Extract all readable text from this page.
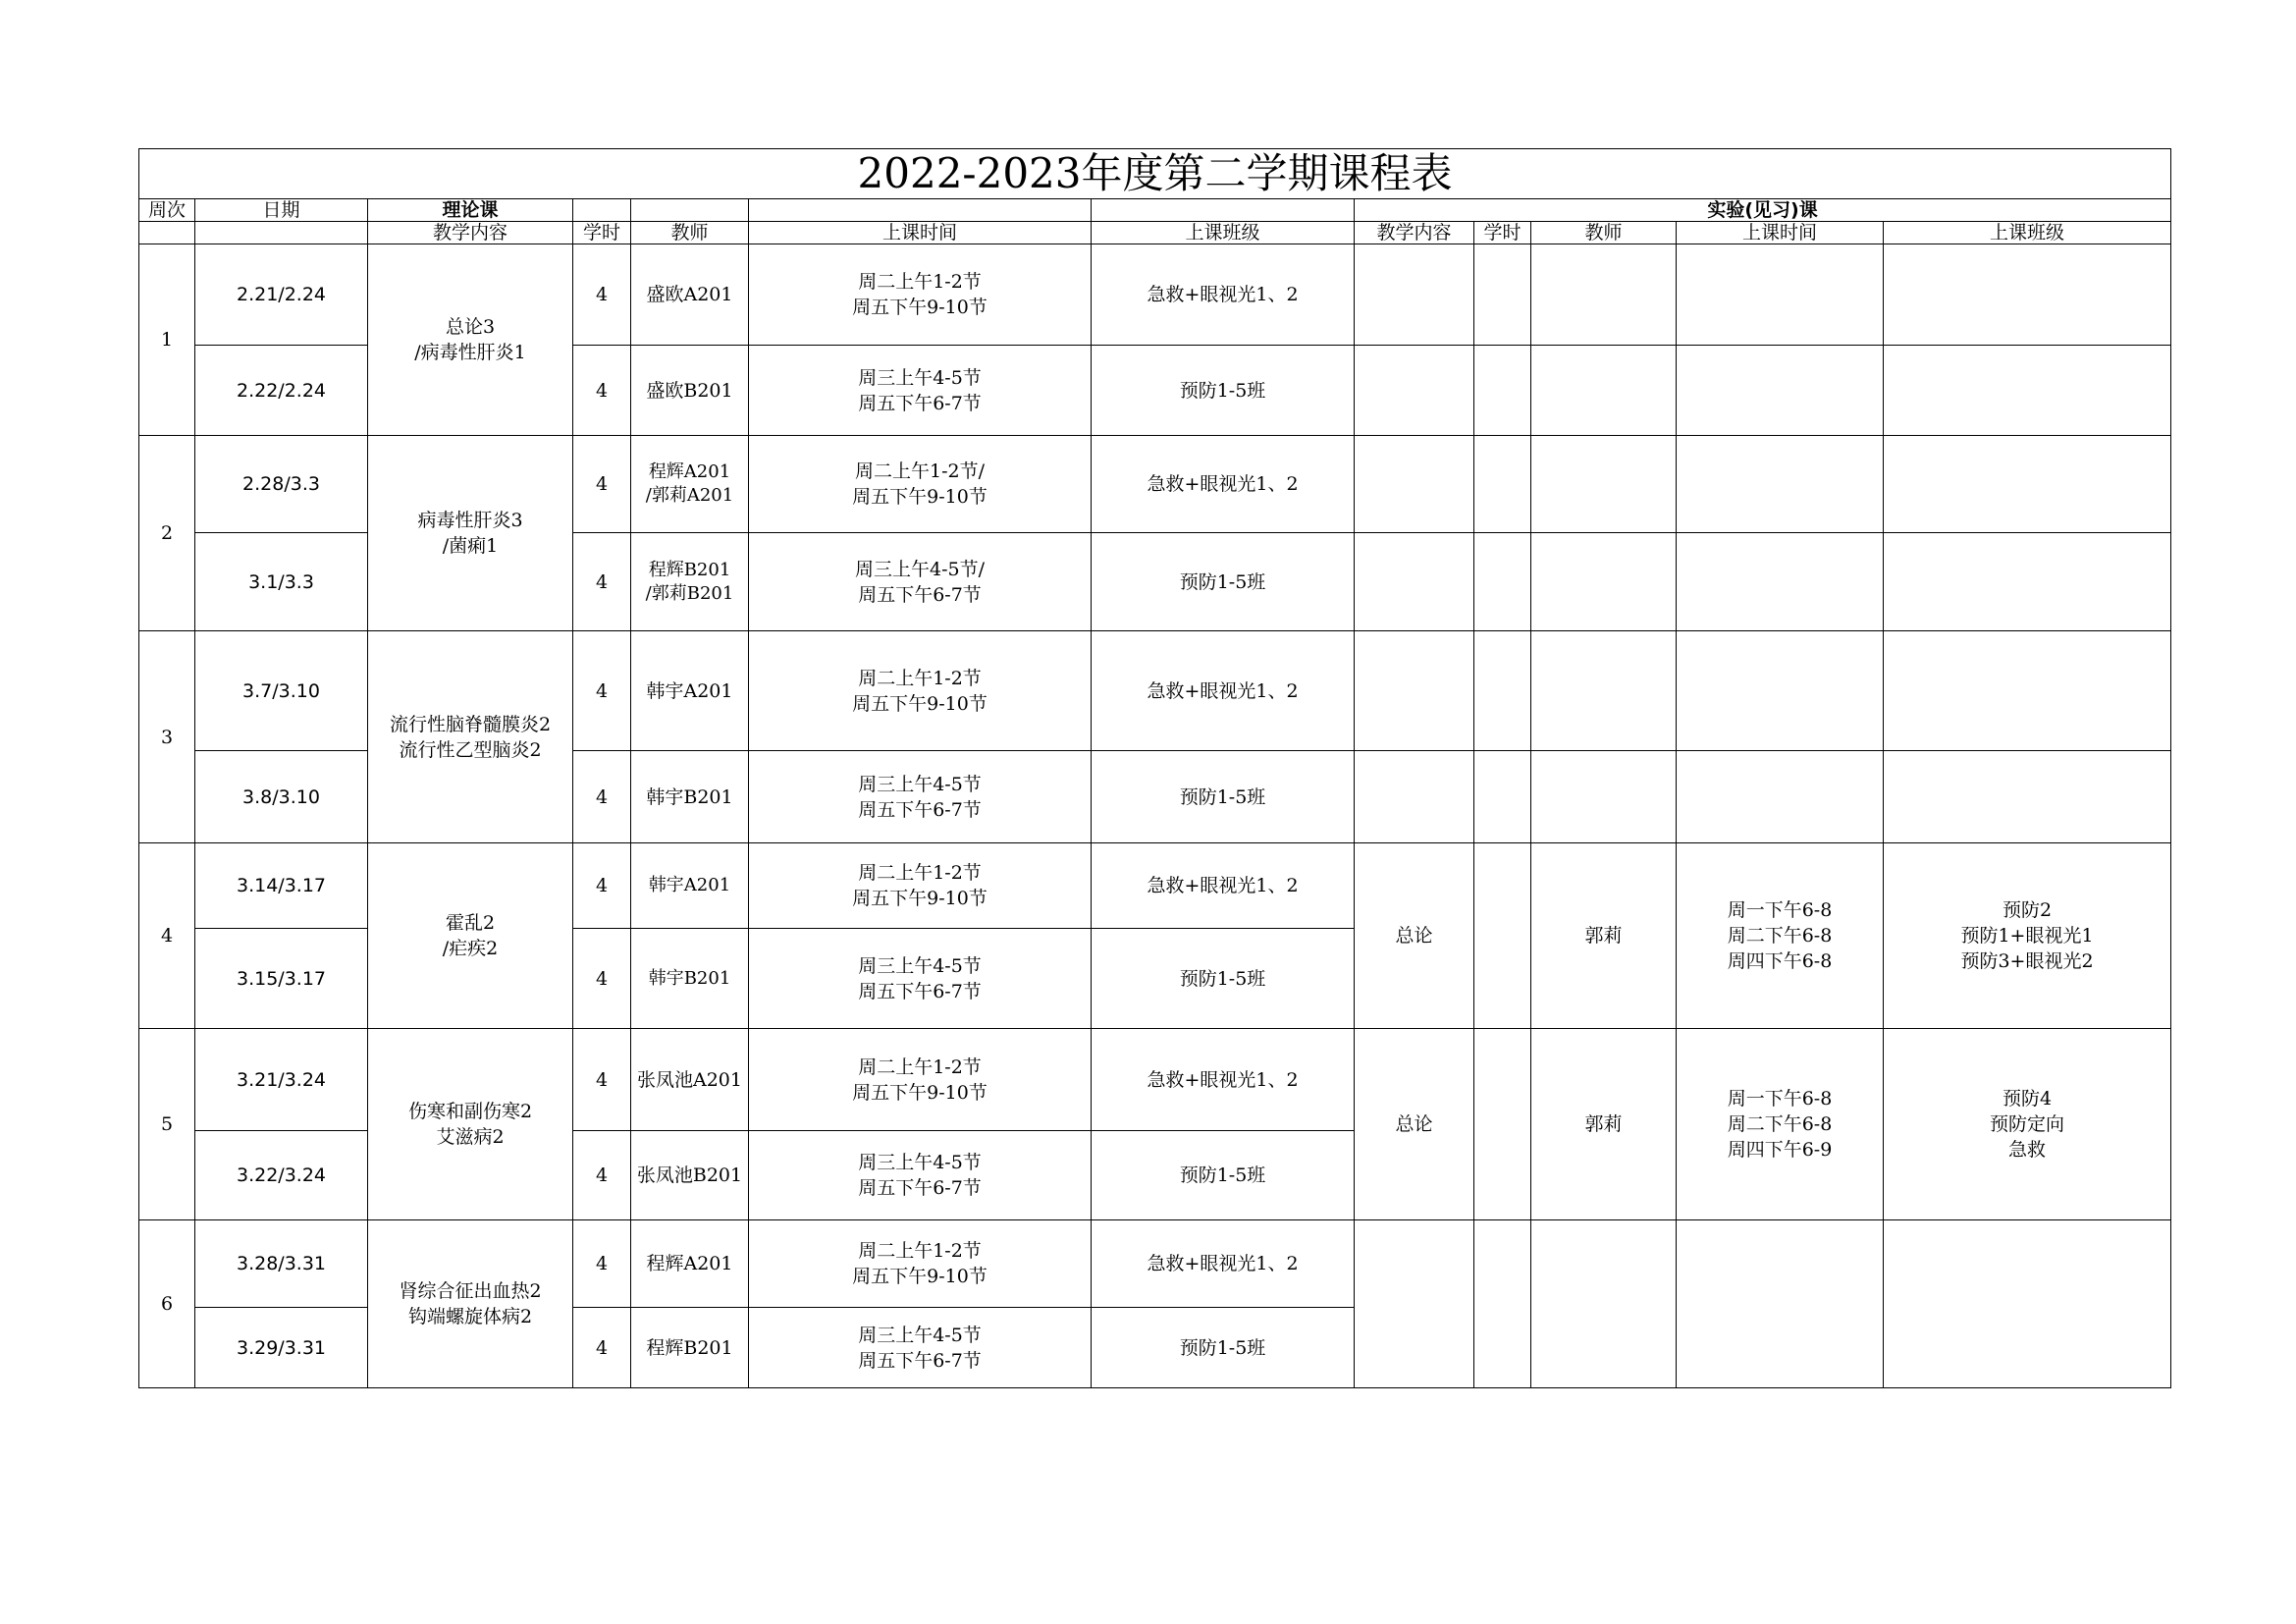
2022-2023年度第二学期课程表											
周次	日期	理论课					实验(见习)课				
		教学内容	学时	教师	上课时间	上课班级	教学内容	学时	教师	上课时间	上课班级
1	2.21/2.24	总论3
/病毒性肝炎1	4	盛欧A201	周二上午1-2节
周五下午9-10节	急救+眼视光1、2					
	2.22/2.24		4	盛欧B201	周三上午4-5节
周五下午6-7节	预防1-5班					
2	2.28/3.3	病毒性肝炎3
/菌痢1	4	程辉A201
/郭莉A201	周二上午1-2节/
周五下午9-10节	急救+眼视光1、2					
	3.1/3.3		4	程辉B201
/郭莉B201	周三上午4-5节/
周五下午6-7节	预防1-5班					
3	3.7/3.10	流行性脑脊髓膜炎2
流行性乙型脑炎2	4	韩宇A201	周二上午1-2节
周五下午9-10节	急救+眼视光1、2					
	3.8/3.10		4	韩宇B201	周三上午4-5节
周五下午6-7节	预防1-5班					
4	3.14/3.17	霍乱2
/疟疾2	4	韩宇A201	周二上午1-2节
周五下午9-10节	急救+眼视光1、2	总论		郭莉	周一下午6-8
周二下午6-8
周四下午6-8	预防2
预防1+眼视光1
预防3+眼视光2
	3.15/3.17		4	韩宇B201	周三上午4-5节
周五下午6-7节	预防1-5班					
5	3.21/3.24	伤寒和副伤寒2
艾滋病2	4	张凤池A201	周二上午1-2节
周五下午9-10节	急救+眼视光1、2	总论		郭莉	周一下午6-8
周二下午6-8
周四下午6-9	预防4
预防定向
急救
	3.22/3.24		4	张凤池B201	周三上午4-5节
周五下午6-7节	预防1-5班					
6	3.28/3.31	肾综合征出血热2
钩端螺旋体病2	4	程辉A201	周二上午1-2节
周五下午9-10节	急救+眼视光1、2					
	3.29/3.31		4	程辉B201	周三上午4-5节
周五下午6-7节	预防1-5班					
